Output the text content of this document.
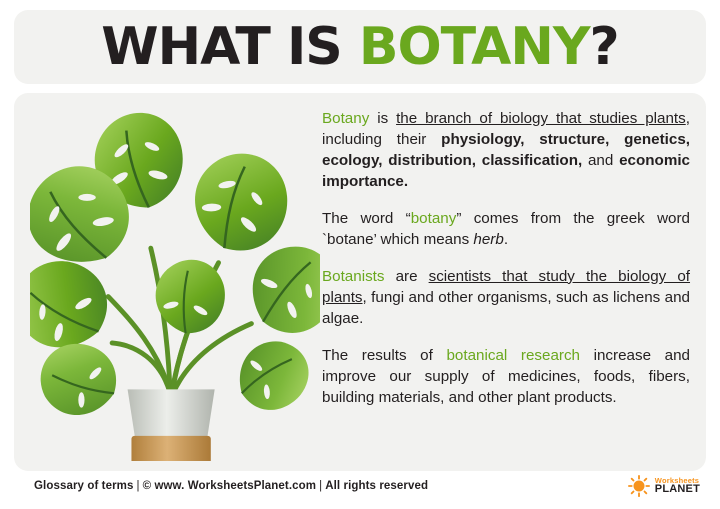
WHAT IS BOTANY?

Botany is the branch of biology that studies plants, including their physiology, structure, genetics, ecology, distribution, classification, and economic importance.

The word “botany” comes from the greek word `botane’ which means herb.

Botanists are scientists that study the biology of plants, fungi and other organisms, such as lichens and algae.

The results of botanical research increase and improve our supply of medicines, foods, fibers, building materials, and other plant products.

Glossary of terms | © www. WorksheetsPlanet.com | All rights reserved	Worksheets
PLANET
